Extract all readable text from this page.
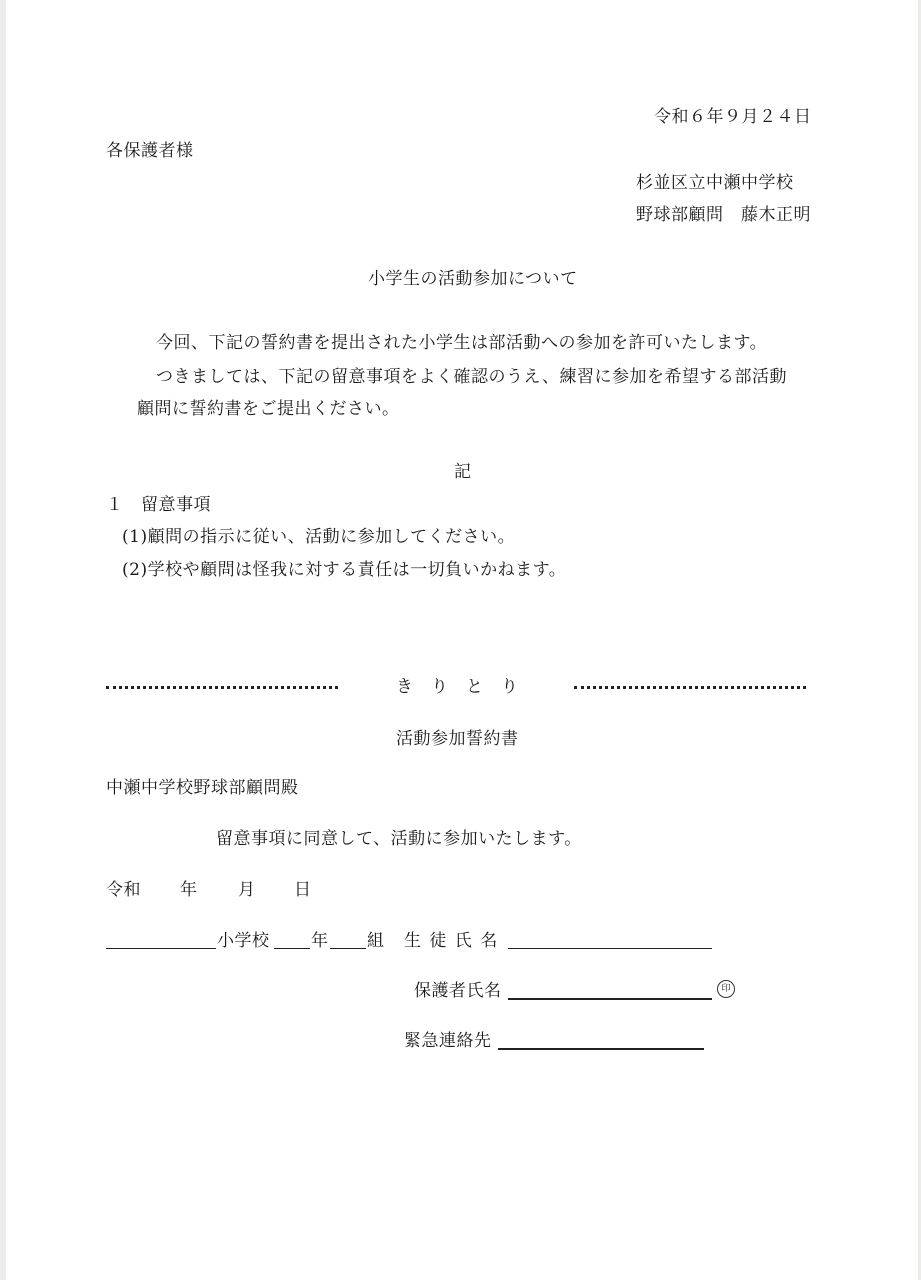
令和６年９月２４日
各保護者様
杉並区立中瀬中学校
野球部顧問　藤木正明
小学生の活動参加について
今回、下記の誓約書を提出された小学生は部活動への参加を許可いたします。
つきましては、下記の留意事項をよく確認のうえ、練習に参加を希望する部活動
顧問に誓約書をご提出ください。
記
１　留意事項
(1)顧問の指示に従い、活動に参加してください。
(2)学校や顧問は怪我に対する責任は一切負いかねます。
き　り　と　り
活動参加誓約書
中瀬中学校野球部顧問殿
留意事項に同意して、活動に参加いたします。
令和 年 月 日
小学校 年 組 生 徒 氏 名
保護者氏名	印
緊急連絡先
